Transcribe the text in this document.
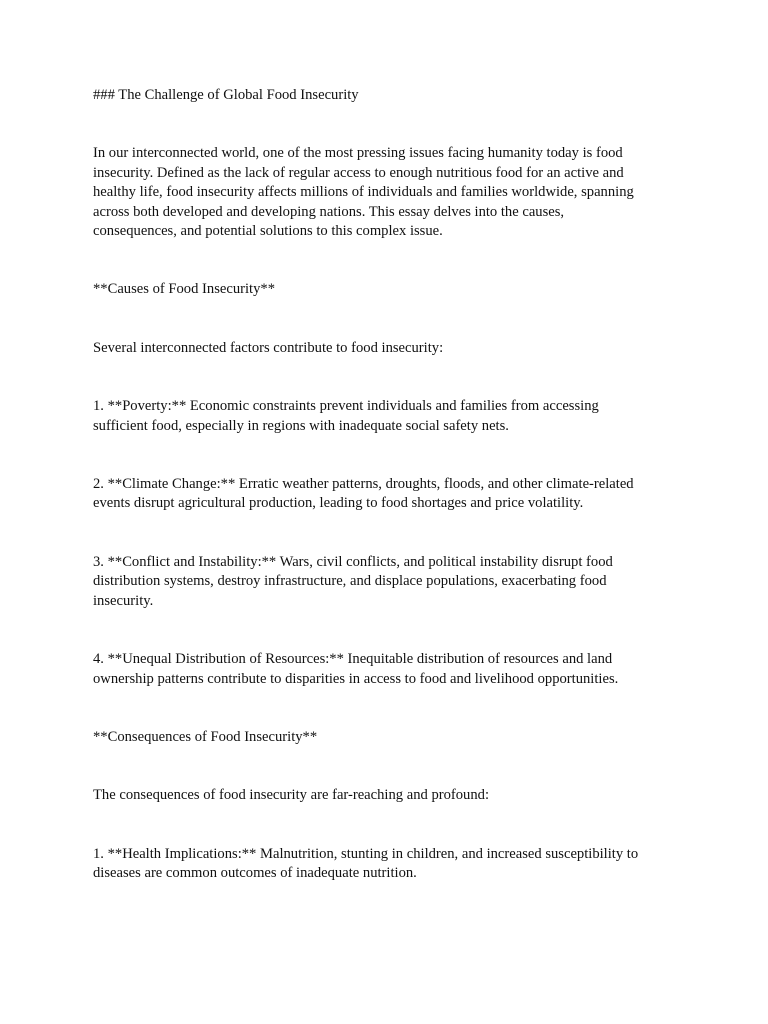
### The Challenge of Global Food Insecurity

In our interconnected world, one of the most pressing issues facing humanity today is food
insecurity. Defined as the lack of regular access to enough nutritious food for an active and
healthy life, food insecurity affects millions of individuals and families worldwide, spanning
across both developed and developing nations. This essay delves into the causes,
consequences, and potential solutions to this complex issue.

**Causes of Food Insecurity**

Several interconnected factors contribute to food insecurity:

1. **Poverty:** Economic constraints prevent individuals and families from accessing
sufficient food, especially in regions with inadequate social safety nets.

2. **Climate Change:** Erratic weather patterns, droughts, floods, and other climate-related
events disrupt agricultural production, leading to food shortages and price volatility.

3. **Conflict and Instability:** Wars, civil conflicts, and political instability disrupt food
distribution systems, destroy infrastructure, and displace populations, exacerbating food
insecurity.

4. **Unequal Distribution of Resources:** Inequitable distribution of resources and land
ownership patterns contribute to disparities in access to food and livelihood opportunities.

**Consequences of Food Insecurity**

The consequences of food insecurity are far-reaching and profound:

1. **Health Implications:** Malnutrition, stunting in children, and increased susceptibility to
diseases are common outcomes of inadequate nutrition.
